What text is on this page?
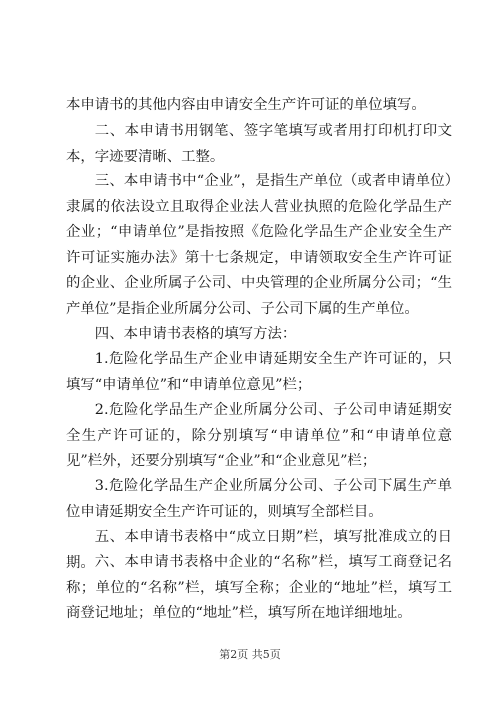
本申请书的其他内容由申请安全生产许可证的单位填写。

二、本申请书用钢笔、签字笔填写或者用打印机打印文本，字迹要清晰、工整。

三、本申请书中“企业”，是指生产单位（或者申请单位）隶属的依法设立且取得企业法人营业执照的危险化学品生产企业；“申请单位”是指按照《危险化学品生产企业安全生产许可证实施办法》第十七条规定，申请领取安全生产许可证的企业、企业所属子公司、中央管理的企业所属分公司；“生产单位”是指企业所属分公司、子公司下属的生产单位。

四、本申请书表格的填写方法：

1.危险化学品生产企业申请延期安全生产许可证的，只填写“申请单位”和“申请单位意见”栏；

2.危险化学品生产企业所属分公司、子公司申请延期安全生产许可证的，除分别填写“申请单位”和“申请单位意见”栏外，还要分别填写“企业”和“企业意见”栏；

3.危险化学品生产企业所属分公司、子公司下属生产单位申请延期安全生产许可证的，则填写全部栏目。

五、本申请书表格中“成立日期”栏，填写批准成立的日期。 六、本申请书表格中企业的“名称”栏，填写工商登记名称；单位的“名称”栏，填写全称；企业的“地址”栏，填写工商登记地址；单位的“地址”栏，填写所在地详细地址。

第2页 共5页
